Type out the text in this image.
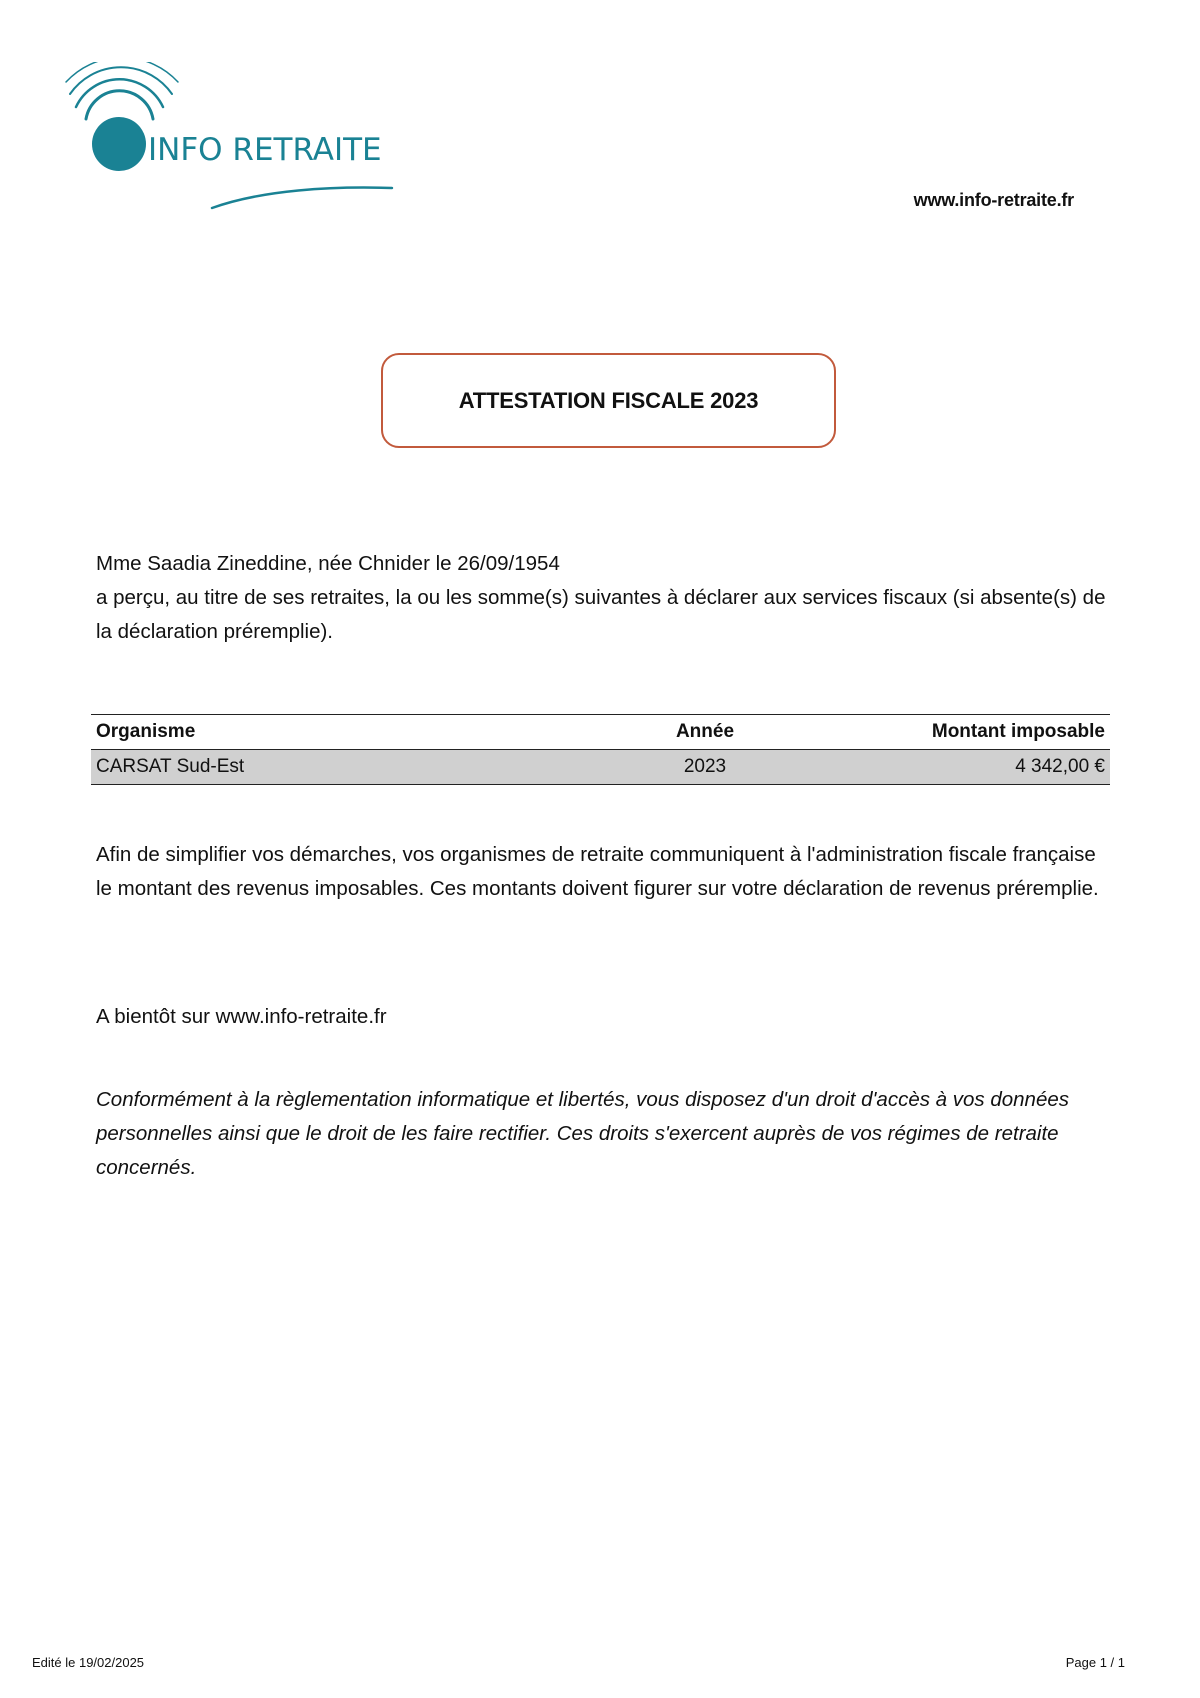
INFO RETRAITE
www.info-retraite.fr
ATTESTATION FISCALE 2023

Mme Saadia Zineddine, née Chnider le 26/09/1954

a perçu, au titre de ses retraites, la ou les somme(s) suivantes à déclarer aux services fiscaux (si absente(s) de la déclaration préremplie).

Organisme	Année	Montant imposable
CARSAT Sud-Est	2023	4 342,00 €

Afin de simplifier vos démarches, vos organismes de retraite communiquent à l'administration fiscale française le montant des revenus imposables. Ces montants doivent figurer sur votre déclaration de revenus préremplie.

A bientôt sur www.info-retraite.fr

Conformément à la règlementation informatique et libertés, vous disposez d'un droit d'accès à vos données personnelles ainsi que le droit de les faire rectifier. Ces droits s'exercent auprès de vos régimes de retraite concernés.

Edité le 19/02/2025	Page 1 / 1
